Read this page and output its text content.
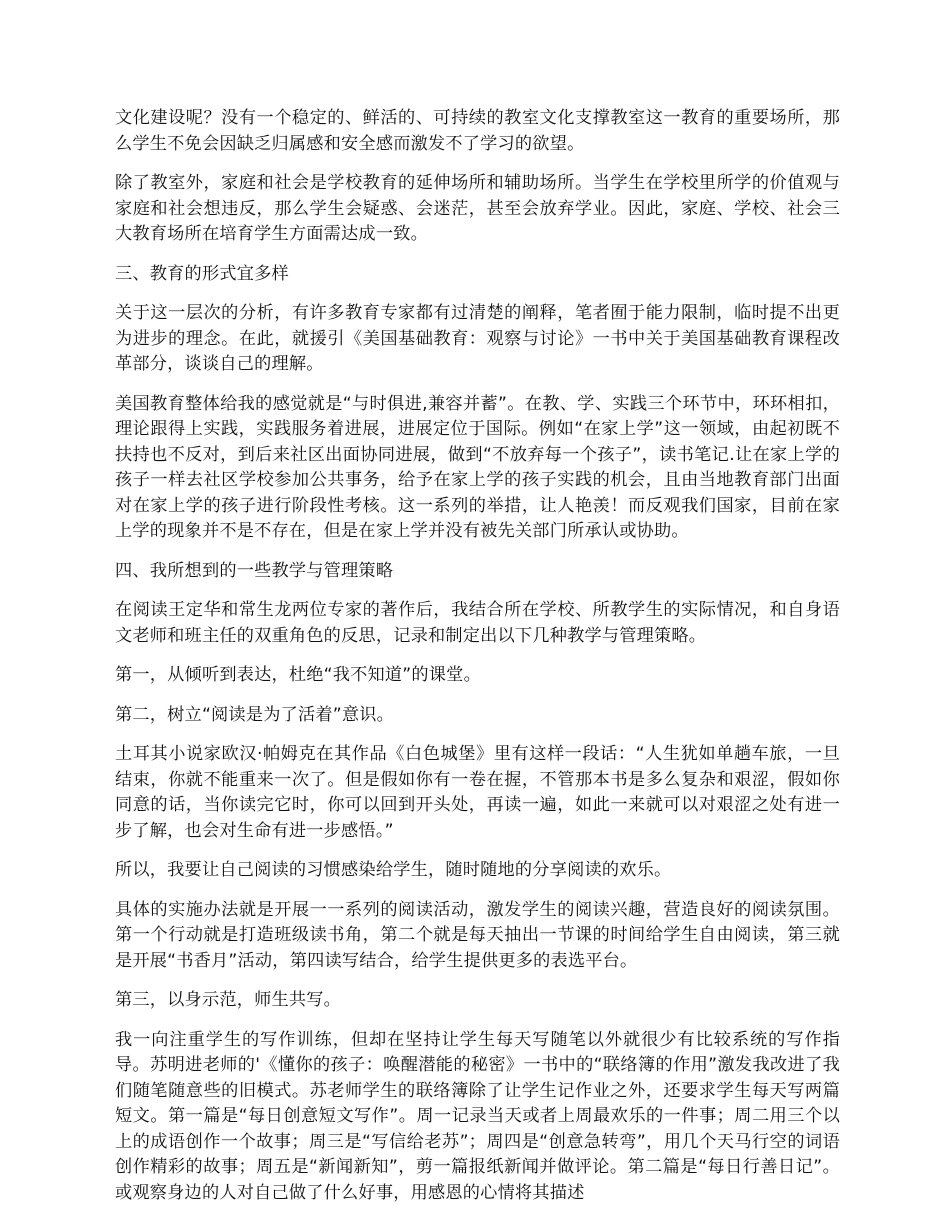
文化建设呢？没有一个稳定的、鲜活的、可持续的教室文化支撑教室这一教育的重要场所，那么学生不免会因缺乏归属感和安全感而激发不了学习的欲望。

除了教室外，家庭和社会是学校教育的延伸场所和辅助场所。当学生在学校里所学的价值观与家庭和社会想违反，那么学生会疑惑、会迷茫，甚至会放弃学业。因此，家庭、学校、社会三大教育场所在培育学生方面需达成一致。

三、教育的形式宜多样

关于这一层次的分析，有许多教育专家都有过清楚的阐释，笔者囿于能力限制，临时提不出更为进步的理念。在此，就援引《美国基础教育：观察与讨论》一书中关于美国基础教育课程改革部分，谈谈自己的理解。

美国教育整体给我的感觉就是“与时俱进,兼容并蓄”。在教、学、实践三个环节中，环环相扣，理论跟得上实践，实践服务着进展，进展定位于国际。例如“在家上学”这一领域，由起初既不扶持也不反对，到后来社区出面协同进展，做到“不放弃每一个孩子”，读书笔记.让在家上学的孩子一样去社区学校参加公共事务，给予在家上学的孩子实践的机会，且由当地教育部门出面对在家上学的孩子进行阶段性考核。这一系列的举措，让人艳羡！而反观我们国家，目前在家上学的现象并不是不存在，但是在家上学并没有被先关部门所承认或协助。

四、我所想到的一些教学与管理策略

在阅读王定华和常生龙两位专家的著作后，我结合所在学校、所教学生的实际情况，和自身语文老师和班主任的双重角色的反思，记录和制定出以下几种教学与管理策略。

第一，从倾听到表达，杜绝“我不知道”的课堂。

第二，树立“阅读是为了活着”意识。

土耳其小说家欧汉·帕姆克在其作品《白色城堡》里有这样一段话：“人生犹如单趟车旅，一旦结束，你就不能重来一次了。但是假如你有一卷在握，不管那本书是多么复杂和艰涩，假如你同意的话，当你读完它时，你可以回到开头处，再读一遍，如此一来就可以对艰涩之处有进一步了解，也会对生命有进一步感悟。”

所以，我要让自己阅读的习惯感染给学生，随时随地的分享阅读的欢乐。

具体的实施办法就是开展一一系列的阅读活动，激发学生的阅读兴趣，营造良好的阅读氛围。第一个行动就是打造班级读书角，第二个就是每天抽出一节课的时间给学生自由阅读，第三就是开展“书香月”活动，第四读写结合，给学生提供更多的表选平台。

第三，以身示范，师生共写。

我一向注重学生的写作训练，但却在坚持让学生每天写随笔以外就很少有比较系统的写作指导。苏明进老师的'《懂你的孩子：唤醒潜能的秘密》一书中的“联络簿的作用”激发我改进了我们随笔随意些的旧模式。苏老师学生的联络簿除了让学生记作业之外，还要求学生每天写两篇短文。第一篇是“每日创意短文写作”。周一记录当天或者上周最欢乐的一件事；周二用三个以上的成语创作一个故事；周三是“写信给老苏”；周四是“创意急转弯”，用几个天马行空的词语创作精彩的故事；周五是“新闻新知”，剪一篇报纸新闻并做评论。第二篇是“每日行善日记”。或观察身边的人对自己做了什么好事，用感恩的心情将其描述
